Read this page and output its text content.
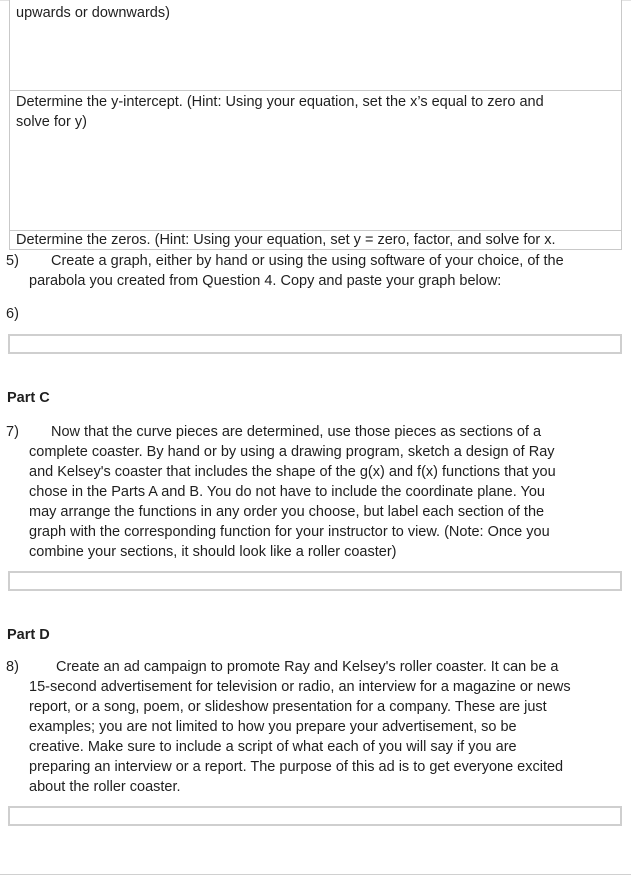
upwards or downwards)
Determine the y-intercept. (Hint: Using your equation, set the x’s equal to zero and
solve for y)
Determine the zeros. (Hint: Using your equation, set y = zero, factor, and solve for x.
5) Create a graph, either by hand or using the using software of your choice, of the
parabola you created from Question 4. Copy and paste your graph below:
6)
Part C
7) Now that the curve pieces are determined, use those pieces as sections of a
complete coaster. By hand or by using a drawing program, sketch a design of Ray
and Kelsey's coaster that includes the shape of the g(x) and f(x) functions that you
chose in the Parts A and B. You do not have to include the coordinate plane. You
may arrange the functions in any order you choose, but label each section of the
graph with the corresponding function for your instructor to view. (Note: Once you
combine your sections, it should look like a roller coaster)
Part D
8)	Create an ad campaign to promote Ray and Kelsey's roller coaster. It can be a
15-second advertisement for television or radio, an interview for a magazine or news
report, or a song, poem, or slideshow presentation for a company. These are just
examples; you are not limited to how you prepare your advertisement, so be
creative. Make sure to include a script of what each of you will say if you are
preparing an interview or a report. The purpose of this ad is to get everyone excited
about the roller coaster.
